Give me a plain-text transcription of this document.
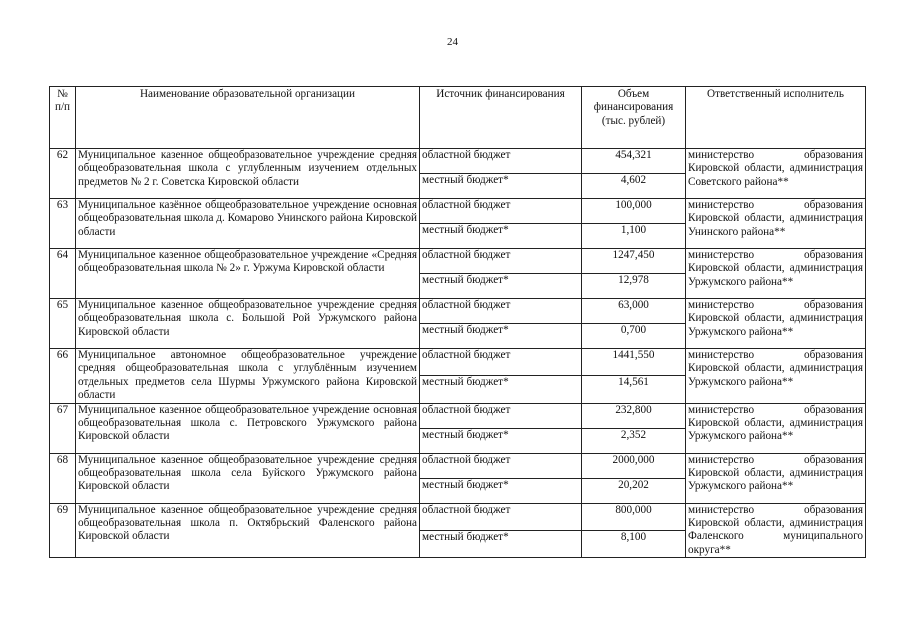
24
№ п/п	Наименование образовательной организации	Источник финансирования	Объем финансирования (тыс. рублей)	Ответственный исполнитель
62	Муниципальное казенное общеобразовательное учреждение средняя общеобразовательная школа с углубленным изучением отдельных предметов № 2 г. Советска Кировской области	областной бюджет	454,321	министерство образования Кировской области, администрация Советского района**
		местный бюджет*	4,602	
63	Муниципальное казённое общеобразовательное учреждение основная общеобразовательная школа д. Комарово Унинского района Кировской области	областной бюджет	100,000	министерство образования Кировской области, администрация Унинского района**
		местный бюджет*	1,100	
64	Муниципальное казенное общеобразовательное учреждение «Средняя общеобразовательная школа № 2» г. Уржума Кировской области	областной бюджет	1247,450	министерство образования Кировской области, администрация Уржумского района**
		местный бюджет*	12,978	
65	Муниципальное казенное общеобразовательное учреждение средняя общеобразовательная школа с. Большой Рой Уржумского района Кировской области	областной бюджет	63,000	министерство образования Кировской области, администрация Уржумского района**
		местный бюджет*	0,700	
66	Муниципальное автономное общеобразовательное учреждение средняя общеобразовательная школа с углублённым изучением отдельных предметов села Шурмы Уржумского района Кировской области	областной бюджет	1441,550	министерство образования Кировской области, администрация Уржумского района**
		местный бюджет*	14,561	
67	Муниципальное казенное общеобразовательное учреждение основная общеобразовательная школа с. Петровского Уржумского района Кировской области	областной бюджет	232,800	министерство образования Кировской области, администрация Уржумского района**
		местный бюджет*	2,352	
68	Муниципальное казенное общеобразовательное учреждение средняя общеобразовательная школа села Буйского Уржумского района Кировской области	областной бюджет	2000,000	министерство образования Кировской области, администрация Уржумского района**
		местный бюджет*	20,202	
69	Муниципальное казенное общеобразовательное учреждение средняя общеобразовательная школа п. Октябрьский Фаленского района Кировской области	областной бюджет	800,000	министерство образования Кировской области, администрация Фаленского муниципального округа**
		местный бюджет*	8,100	
